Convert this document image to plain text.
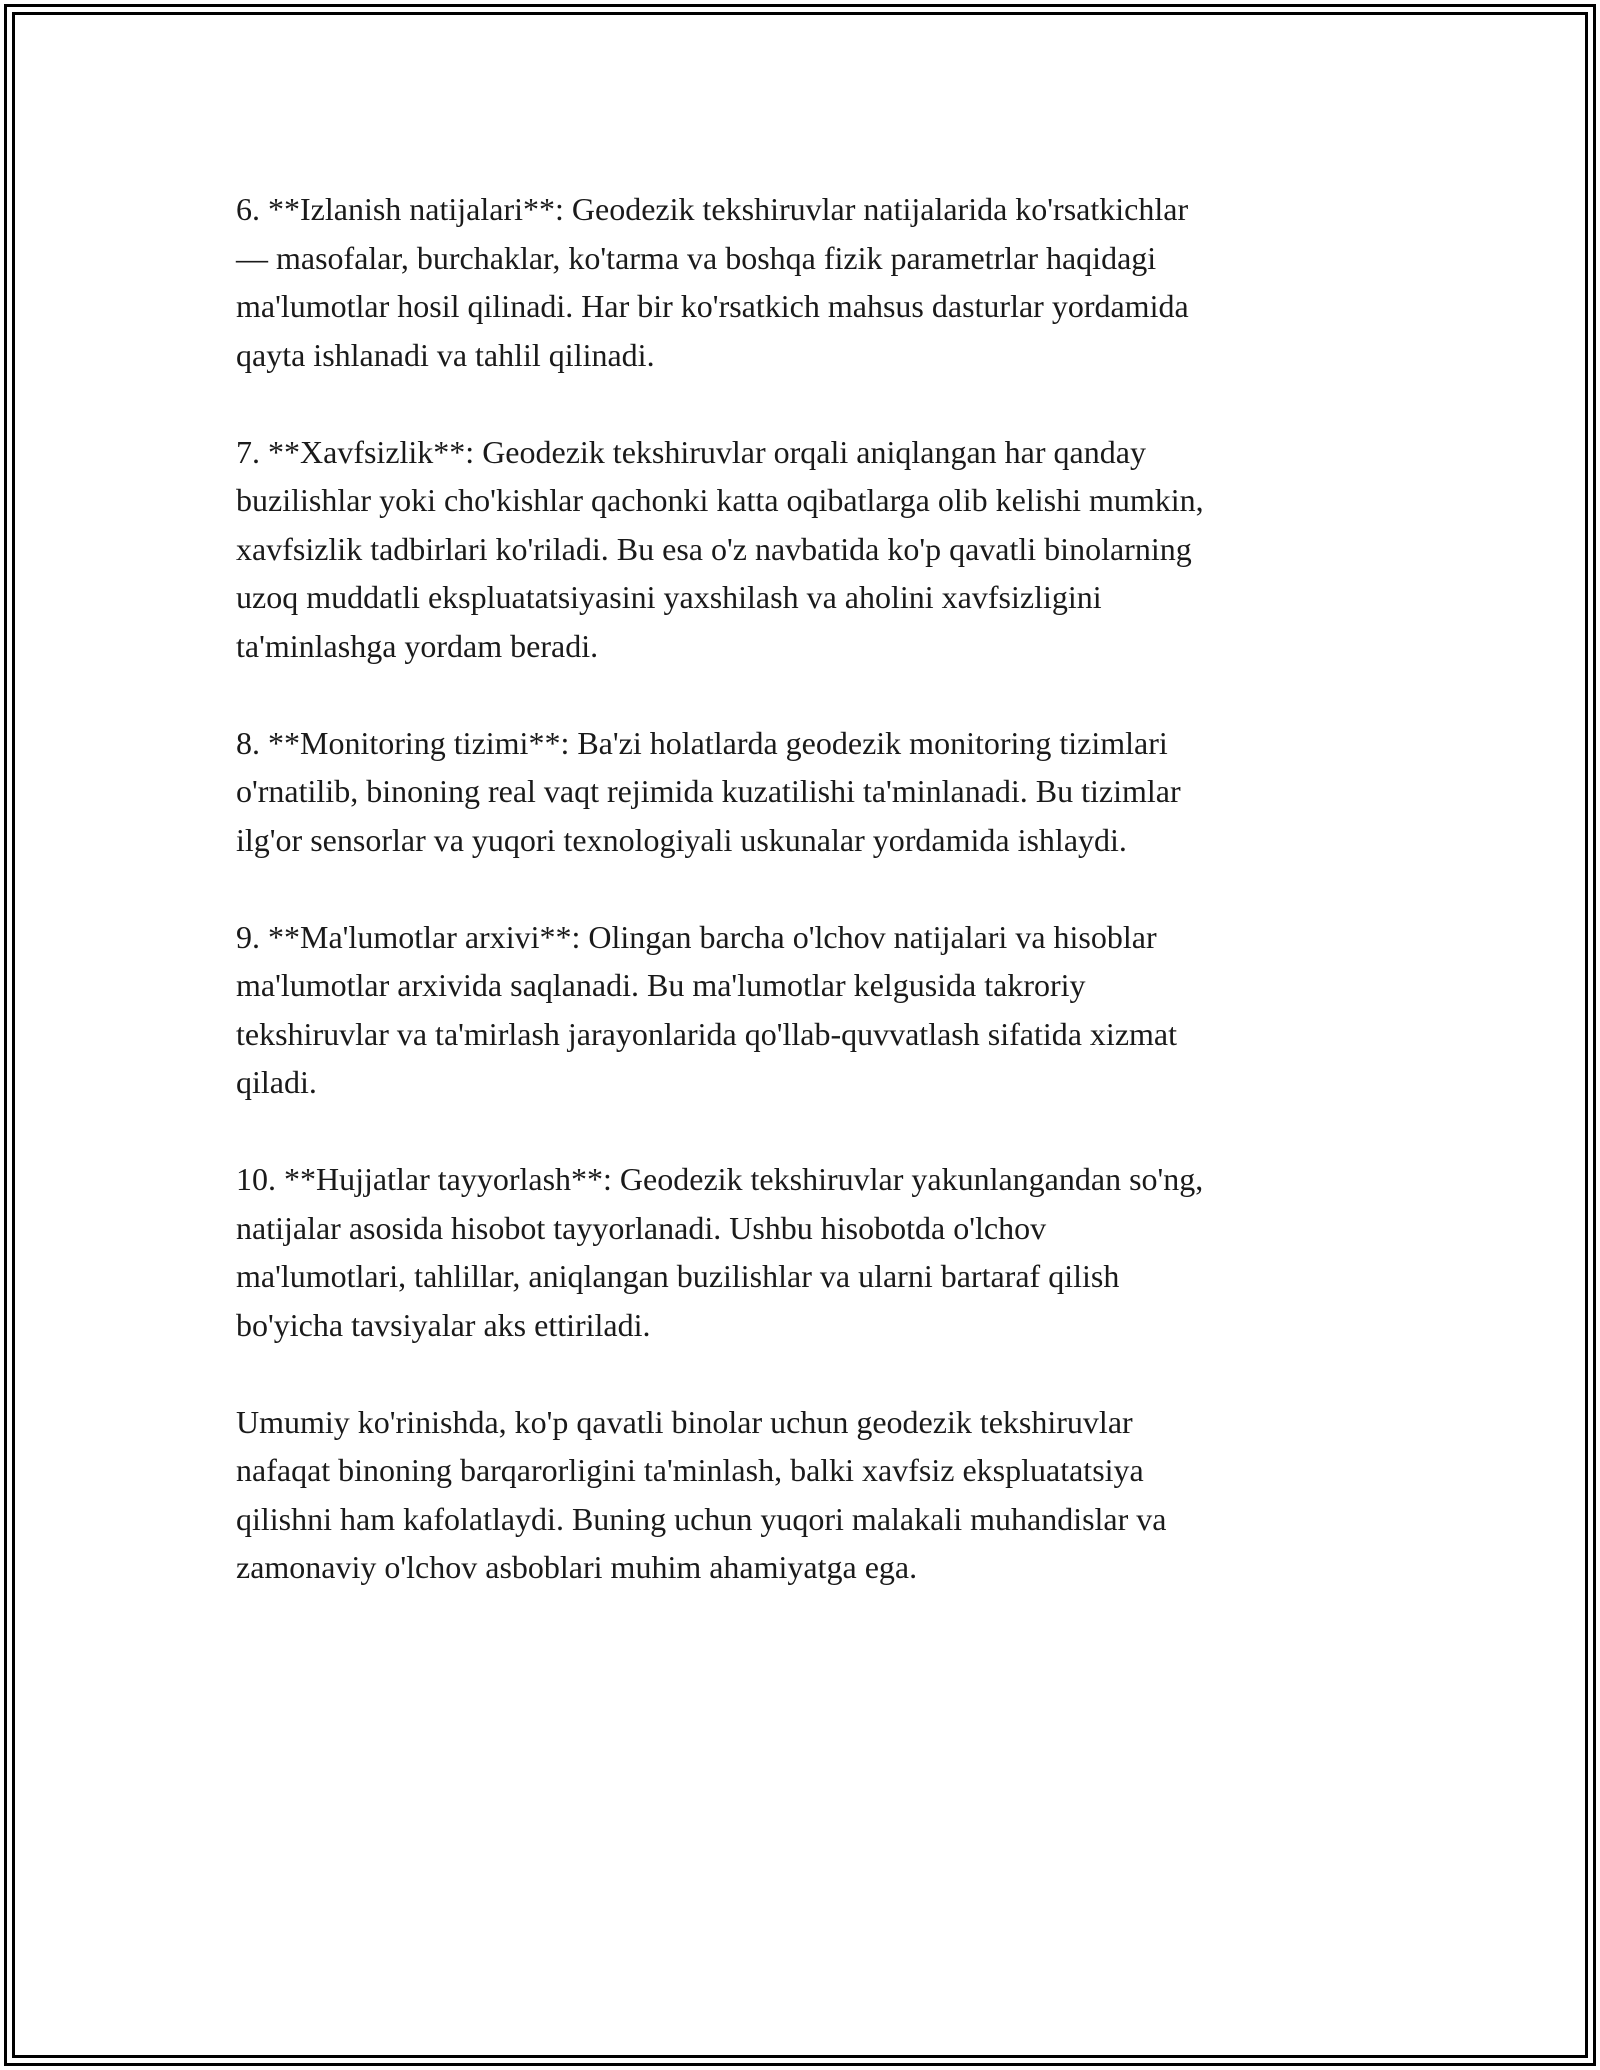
6. **Izlanish natijalari**: Geodezik tekshiruvlar natijalarida ko'rsatkichlar
— masofalar, burchaklar, ko'tarma va boshqa fizik parametrlar haqidagi
ma'lumotlar hosil qilinadi. Har bir ko'rsatkich mahsus dasturlar yordamida
qayta ishlanadi va tahlil qilinadi.

7. **Xavfsizlik**: Geodezik tekshiruvlar orqali aniqlangan har qanday
buzilishlar yoki cho'kishlar qachonki katta oqibatlarga olib kelishi mumkin,
xavfsizlik tadbirlari ko'riladi. Bu esa o'z navbatida ko'p qavatli binolarning
uzoq muddatli ekspluatatsiyasini yaxshilash va aholini xavfsizligini
ta'minlashga yordam beradi.

8. **Monitoring tizimi**: Ba'zi holatlarda geodezik monitoring tizimlari
o'rnatilib, binoning real vaqt rejimida kuzatilishi ta'minlanadi. Bu tizimlar
ilg'or sensorlar va yuqori texnologiyali uskunalar yordamida ishlaydi.

9. **Ma'lumotlar arxivi**: Olingan barcha o'lchov natijalari va hisoblar
ma'lumotlar arxivida saqlanadi. Bu ma'lumotlar kelgusida takroriy
tekshiruvlar va ta'mirlash jarayonlarida qo'llab-quvvatlash sifatida xizmat
qiladi.

10. **Hujjatlar tayyorlash**: Geodezik tekshiruvlar yakunlangandan so'ng,
natijalar asosida hisobot tayyorlanadi. Ushbu hisobotda o'lchov
ma'lumotlari, tahlillar, aniqlangan buzilishlar va ularni bartaraf qilish
bo'yicha tavsiyalar aks ettiriladi.

Umumiy ko'rinishda, ko'p qavatli binolar uchun geodezik tekshiruvlar
nafaqat binoning barqarorligini ta'minlash, balki xavfsiz ekspluatatsiya
qilishni ham kafolatlaydi. Buning uchun yuqori malakali muhandislar va
zamonaviy o'lchov asboblari muhim ahamiyatga ega.
